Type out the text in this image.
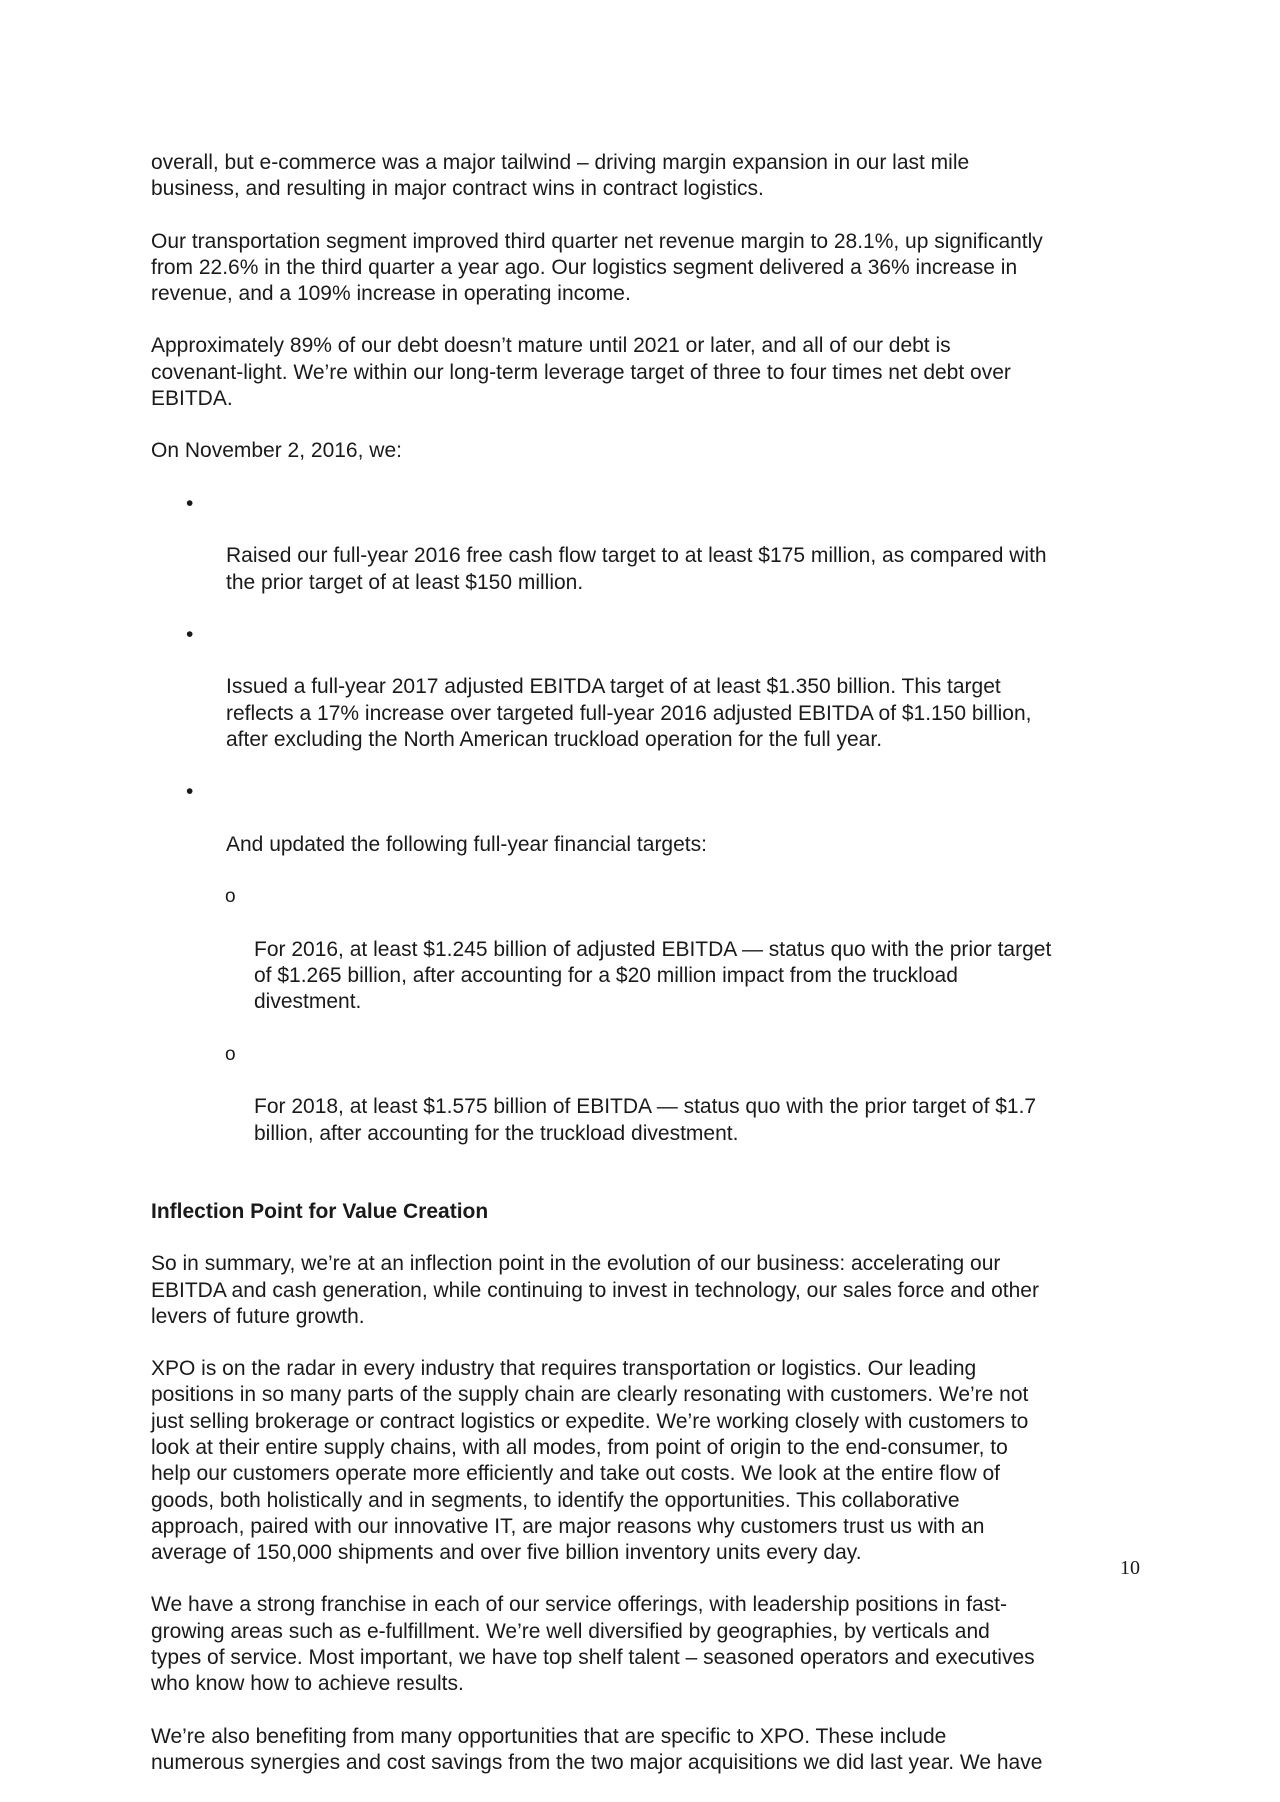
overall, but e-commerce was a major tailwind – driving margin expansion in our last mile
business, and resulting in major contract wins in contract logistics.

Our transportation segment improved third quarter net revenue margin to 28.1%, up significantly
from 22.6% in the third quarter a year ago. Our logistics segment delivered a 36% increase in
revenue, and a 109% increase in operating income.

Approximately 89% of our debt doesn’t mature until 2021 or later, and all of our debt is
covenant-light. We’re within our long-term leverage target of three to four times net debt over
EBITDA.

On November 2, 2016, we:

•

Raised our full-year 2016 free cash flow target to at least $175 million, as compared with
the prior target of at least $150 million.

•

Issued a full-year 2017 adjusted EBITDA target of at least $1.350 billion. This target
reflects a 17% increase over targeted full-year 2016 adjusted EBITDA of $1.150 billion,
after excluding the North American truckload operation for the full year.

•

And updated the following full-year financial targets:

o

For 2016, at least $1.245 billion of adjusted EBITDA — status quo with the prior target
of $1.265 billion, after accounting for a $20 million impact from the truckload
divestment.

o

For 2018, at least $1.575 billion of EBITDA — status quo with the prior target of $1.7
billion, after accounting for the truckload divestment.

Inflection Point for Value Creation

So in summary, we’re at an inflection point in the evolution of our business: accelerating our
EBITDA and cash generation, while continuing to invest in technology, our sales force and other
levers of future growth.

XPO is on the radar in every industry that requires transportation or logistics. Our leading
positions in so many parts of the supply chain are clearly resonating with customers. We’re not
just selling brokerage or contract logistics or expedite. We’re working closely with customers to
look at their entire supply chains, with all modes, from point of origin to the end-consumer, to
help our customers operate more efficiently and take out costs. We look at the entire flow of
goods, both holistically and in segments, to identify the opportunities. This collaborative
approach, paired with our innovative IT, are major reasons why customers trust us with an
average of 150,000 shipments and over five billion inventory units every day.

We have a strong franchise in each of our service offerings, with leadership positions in fast-
growing areas such as e-fulfillment. We’re well diversified by geographies, by verticals and
types of service. Most important, we have top shelf talent – seasoned operators and executives
who know how to achieve results.

We’re also benefiting from many opportunities that are specific to XPO. These include
numerous synergies and cost savings from the two major acquisitions we did last year. We have

10
